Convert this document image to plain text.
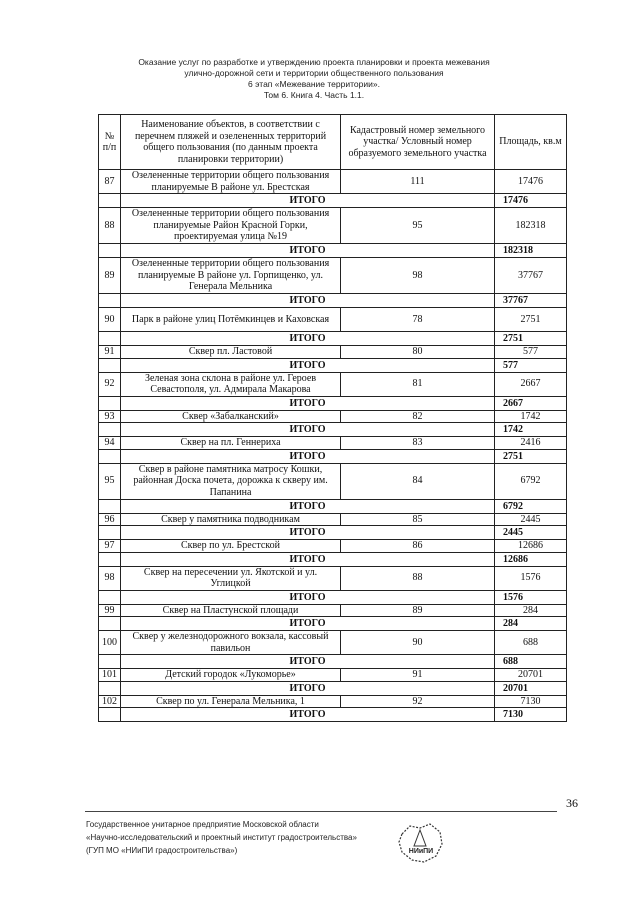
Оказание услуг по разработке и утверждению проекта планировки и проекта межевания
улично-дорожной сети и территории общественного пользования
6 этап «Межевание территории».
Том 6. Книга 4. Часть 1.1.
№ п/п	Наименование объектов, в соответствии с перечнем пляжей и озелененных территорий общего пользования (по данным проекта планировки территории)	Кадастровый номер земельного участка/ Условный номер образуемого земельного участка	Площадь, кв.м
87	Озелененные территории общего пользования планируемые В районе ул. Брестская	111	17476
	ИТОГО		17476
88	Озелененные территории общего пользования планируемые Район Красной Горки, проектируемая улица №19	95	182318
	ИТОГО		182318
89	Озелененные территории общего пользования планируемые В районе ул. Горпищенко, ул. Генерала Мельника	98	37767
	ИТОГО		37767
90	Парк в районе улиц Потёмкинцев и Каховская	78	2751
	ИТОГО		2751
91	Сквер пл. Ластовой	80	577
	ИТОГО		577
92	Зеленая зона склона в районе ул. Героев Севастополя, ул. Адмирала Макарова	81	2667
	ИТОГО		2667
93	Сквер «Забалканский»	82	1742
	ИТОГО		1742
94	Сквер на пл. Геннериха	83	2416
	ИТОГО		2751
95	Сквер в районе памятника матросу Кошки, районная Доска почета, дорожка к скверу им. Папанина	84	6792
	ИТОГО		6792
96	Сквер у памятника подводникам	85	2445
	ИТОГО		2445
97	Сквер по ул. Брестской	86	12686
	ИТОГО		12686
98	Сквер на пересечении ул. Якотской и ул. Углицкой	88	1576
	ИТОГО		1576
99	Сквер на Пластунской площади	89	284
	ИТОГО		284
100	Сквер у железнодорожного вокзала, кассовый павильон	90	688
	ИТОГО		688
101	Детский городок «Лукоморье»	91	20701
	ИТОГО		20701
102	Сквер по ул. Генерала Мельника, 1	92	7130
	ИТОГО		7130
36
Государственное унитарное предприятие Московской области
«Научно-исследовательский и проектный институт градостроительства»
(ГУП МО «НИиПИ градостроительства»)	НИиПИ
